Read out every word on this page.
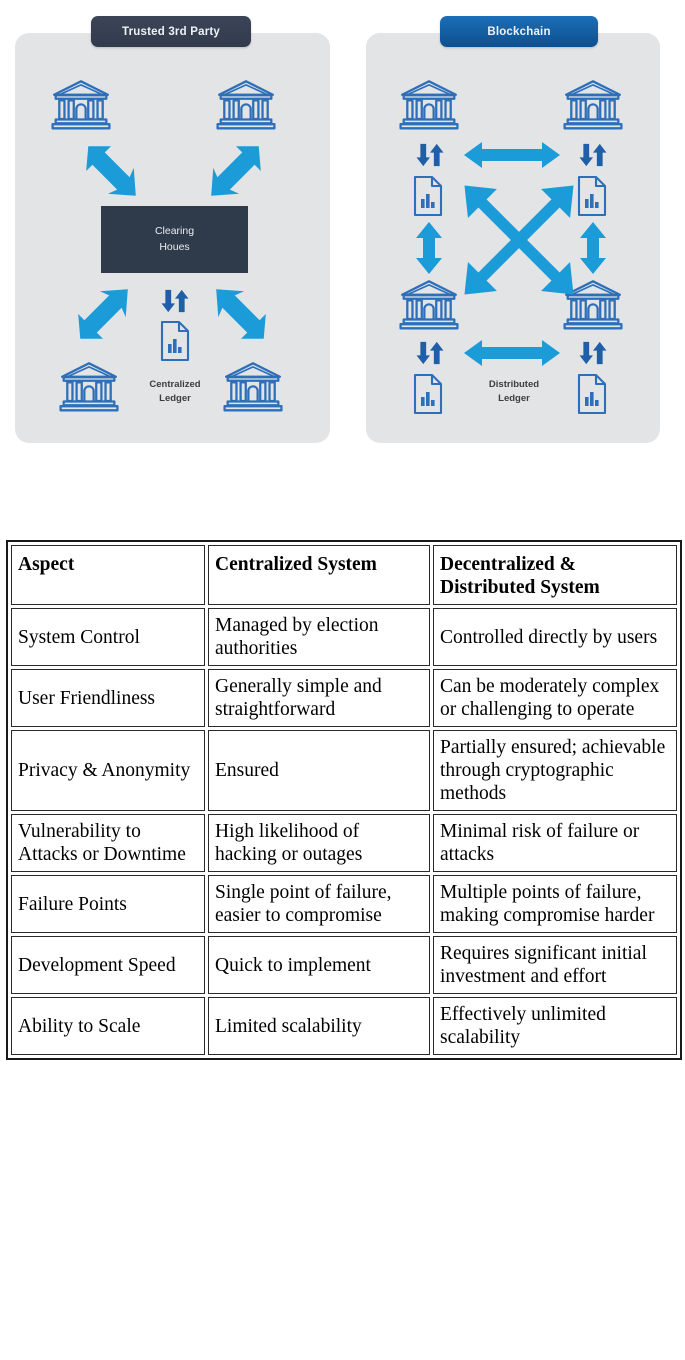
Trusted 3rd Party
Clearing
Houes
Centralized
Ledger
Blockchain
Distributed
Ledger
Aspect	Centralized System	Decentralized & Distributed System
System Control	Managed by election authorities	Controlled directly by users
User Friendliness	Generally simple and straightforward	Can be moderately complex or challenging to operate
Privacy & Anonymity	Ensured	Partially ensured; achievable through cryptographic methods
Vulnerability to Attacks or Downtime	High likelihood of hacking or outages	Minimal risk of failure or attacks
Failure Points	Single point of failure, easier to compromise	Multiple points of failure, making compromise harder
Development Speed	Quick to implement	Requires significant initial investment and effort
Ability to Scale	Limited scalability	Effectively unlimited scalability
